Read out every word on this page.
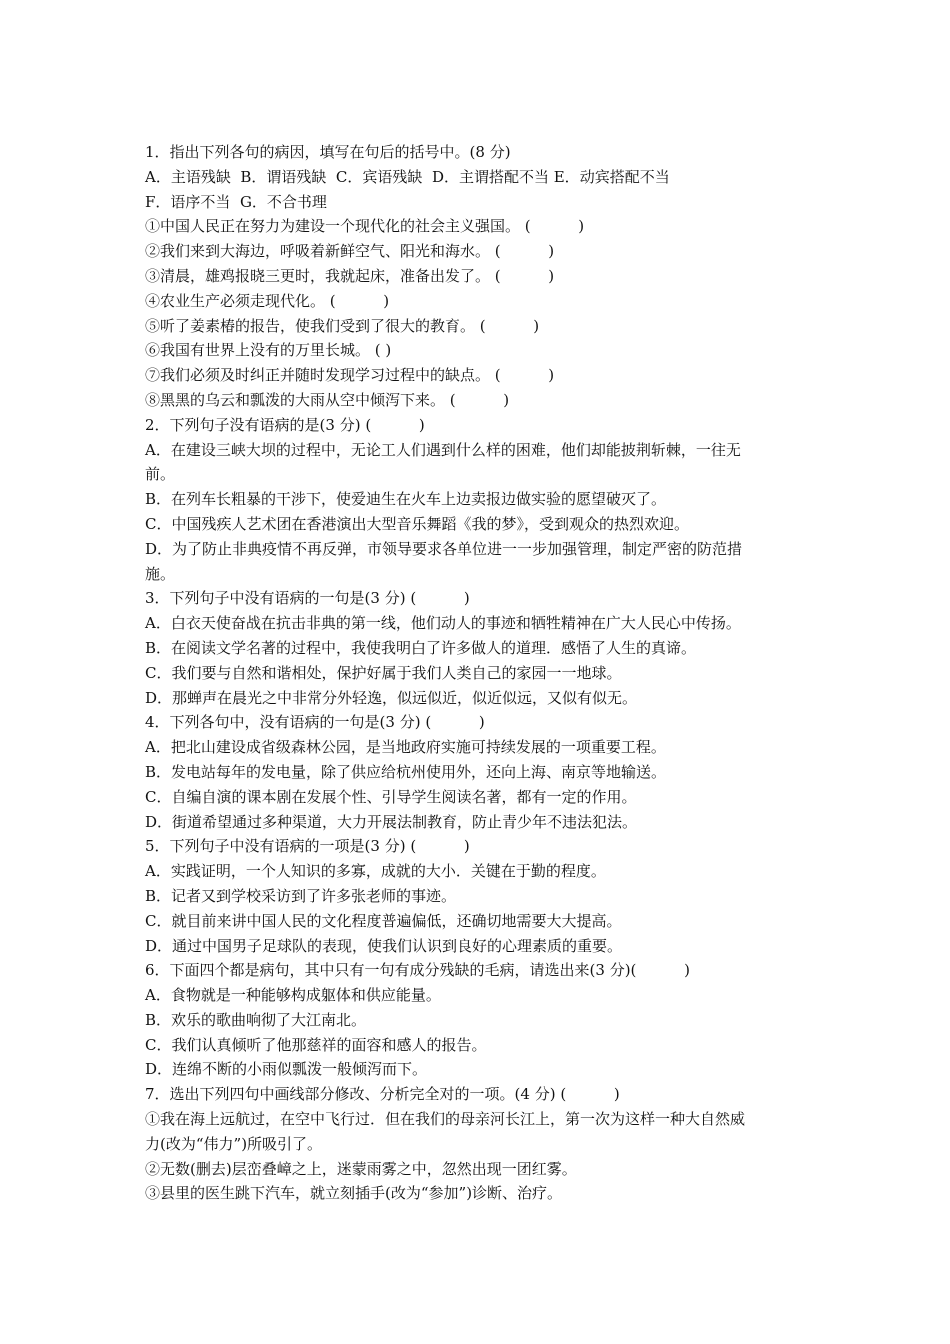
1．指出下列各句的病因，填写在句后的括号中。(8 分)

A．主语残缺  B．谓语残缺  C．宾语残缺  D．主谓搭配不当 E．动宾搭配不当

F．语序不当  G．不合书理

①中国人民正在努力为建设一个现代化的社会主义强国。 (          )

②我们来到大海边，呼吸着新鲜空气、阳光和海水。 (          )

③清晨，雄鸡报晓三更时，我就起床，准备出发了。 (          )

④农业生产必须走现代化。 (          )

⑤听了姜素椿的报告，使我们受到了很大的教育。 (          )

⑥我国有世界上没有的万里长城。 ( )

⑦我们必须及时纠正并随时发现学习过程中的缺点。 (          )

⑧黑黑的乌云和瓢泼的大雨从空中倾泻下来。 (          )

2．下列句子没有语病的是(3 分) (          )

A．在建设三峡大坝的过程中，无论工人们遇到什么样的困难，他们却能披荆斩棘，一往无

前。

B．在列车长粗暴的干涉下，使爱迪生在火车上边卖报边做实验的愿望破灭了。

C．中国残疾人艺术团在香港演出大型音乐舞蹈《我的梦》，受到观众的热烈欢迎。

D．为了防止非典疫情不再反弹，市领导要求各单位进一一步加强管理，制定严密的防范措

施。

3．下列句子中没有语病的一句是(3 分) (          )

A．白衣天使奋战在抗击非典的第一线，他们动人的事迹和牺牲精神在广大人民心中传扬。

B．在阅读文学名著的过程中，我使我明白了许多做人的道理．感悟了人生的真谛。

C．我们要与自然和谐相处，保护好属于我们人类自己的家园一一地球。

D．那蝉声在晨光之中非常分外轻逸，似远似近，似近似远，又似有似无。

4．下列各句中，没有语病的一句是(3 分) (          )

A．把北山建设成省级森林公园，是当地政府实施可持续发展的一项重要工程。

B．发电站每年的发电量，除了供应给杭州使用外，还向上海、南京等地输送。

C．自编自演的课本剧在发展个性、引导学生阅读名著，都有一定的作用。

D．街道希望通过多种渠道，大力开展法制教育，防止青少年不违法犯法。

5．下列句子中没有语病的一项是(3 分) (          )

A．实践证明，一个人知识的多寡，成就的大小．关键在于勤的程度。

B．记者又到学校采访到了许多张老师的事迹。

C．就目前来讲中国人民的文化程度普遍偏低，还确切地需要大大提高。

D．通过中国男子足球队的表现，使我们认识到良好的心理素质的重要。

6．下面四个都是病句，其中只有一句有成分残缺的毛病，请选出来(3 分)(          )

A．食物就是一种能够构成躯体和供应能量。

B．欢乐的歌曲响彻了大江南北。

C．我们认真倾听了他那慈祥的面容和感人的报告。

D．连绵不断的小雨似瓢泼一般倾泻而下。

7．选出下列四句中画线部分修改、分析完全对的一项。(4 分) (          )

①我在海上远航过，在空中飞行过．但在我们的母亲河长江上，第一次为这样一种大自然威

力(改为“伟力”)所吸引了。

②无数(删去)层峦叠嶂之上，迷蒙雨雾之中，忽然出现一团红雾。

③县里的医生跳下汽车，就立刻插手(改为“参加”)诊断、治疗。
